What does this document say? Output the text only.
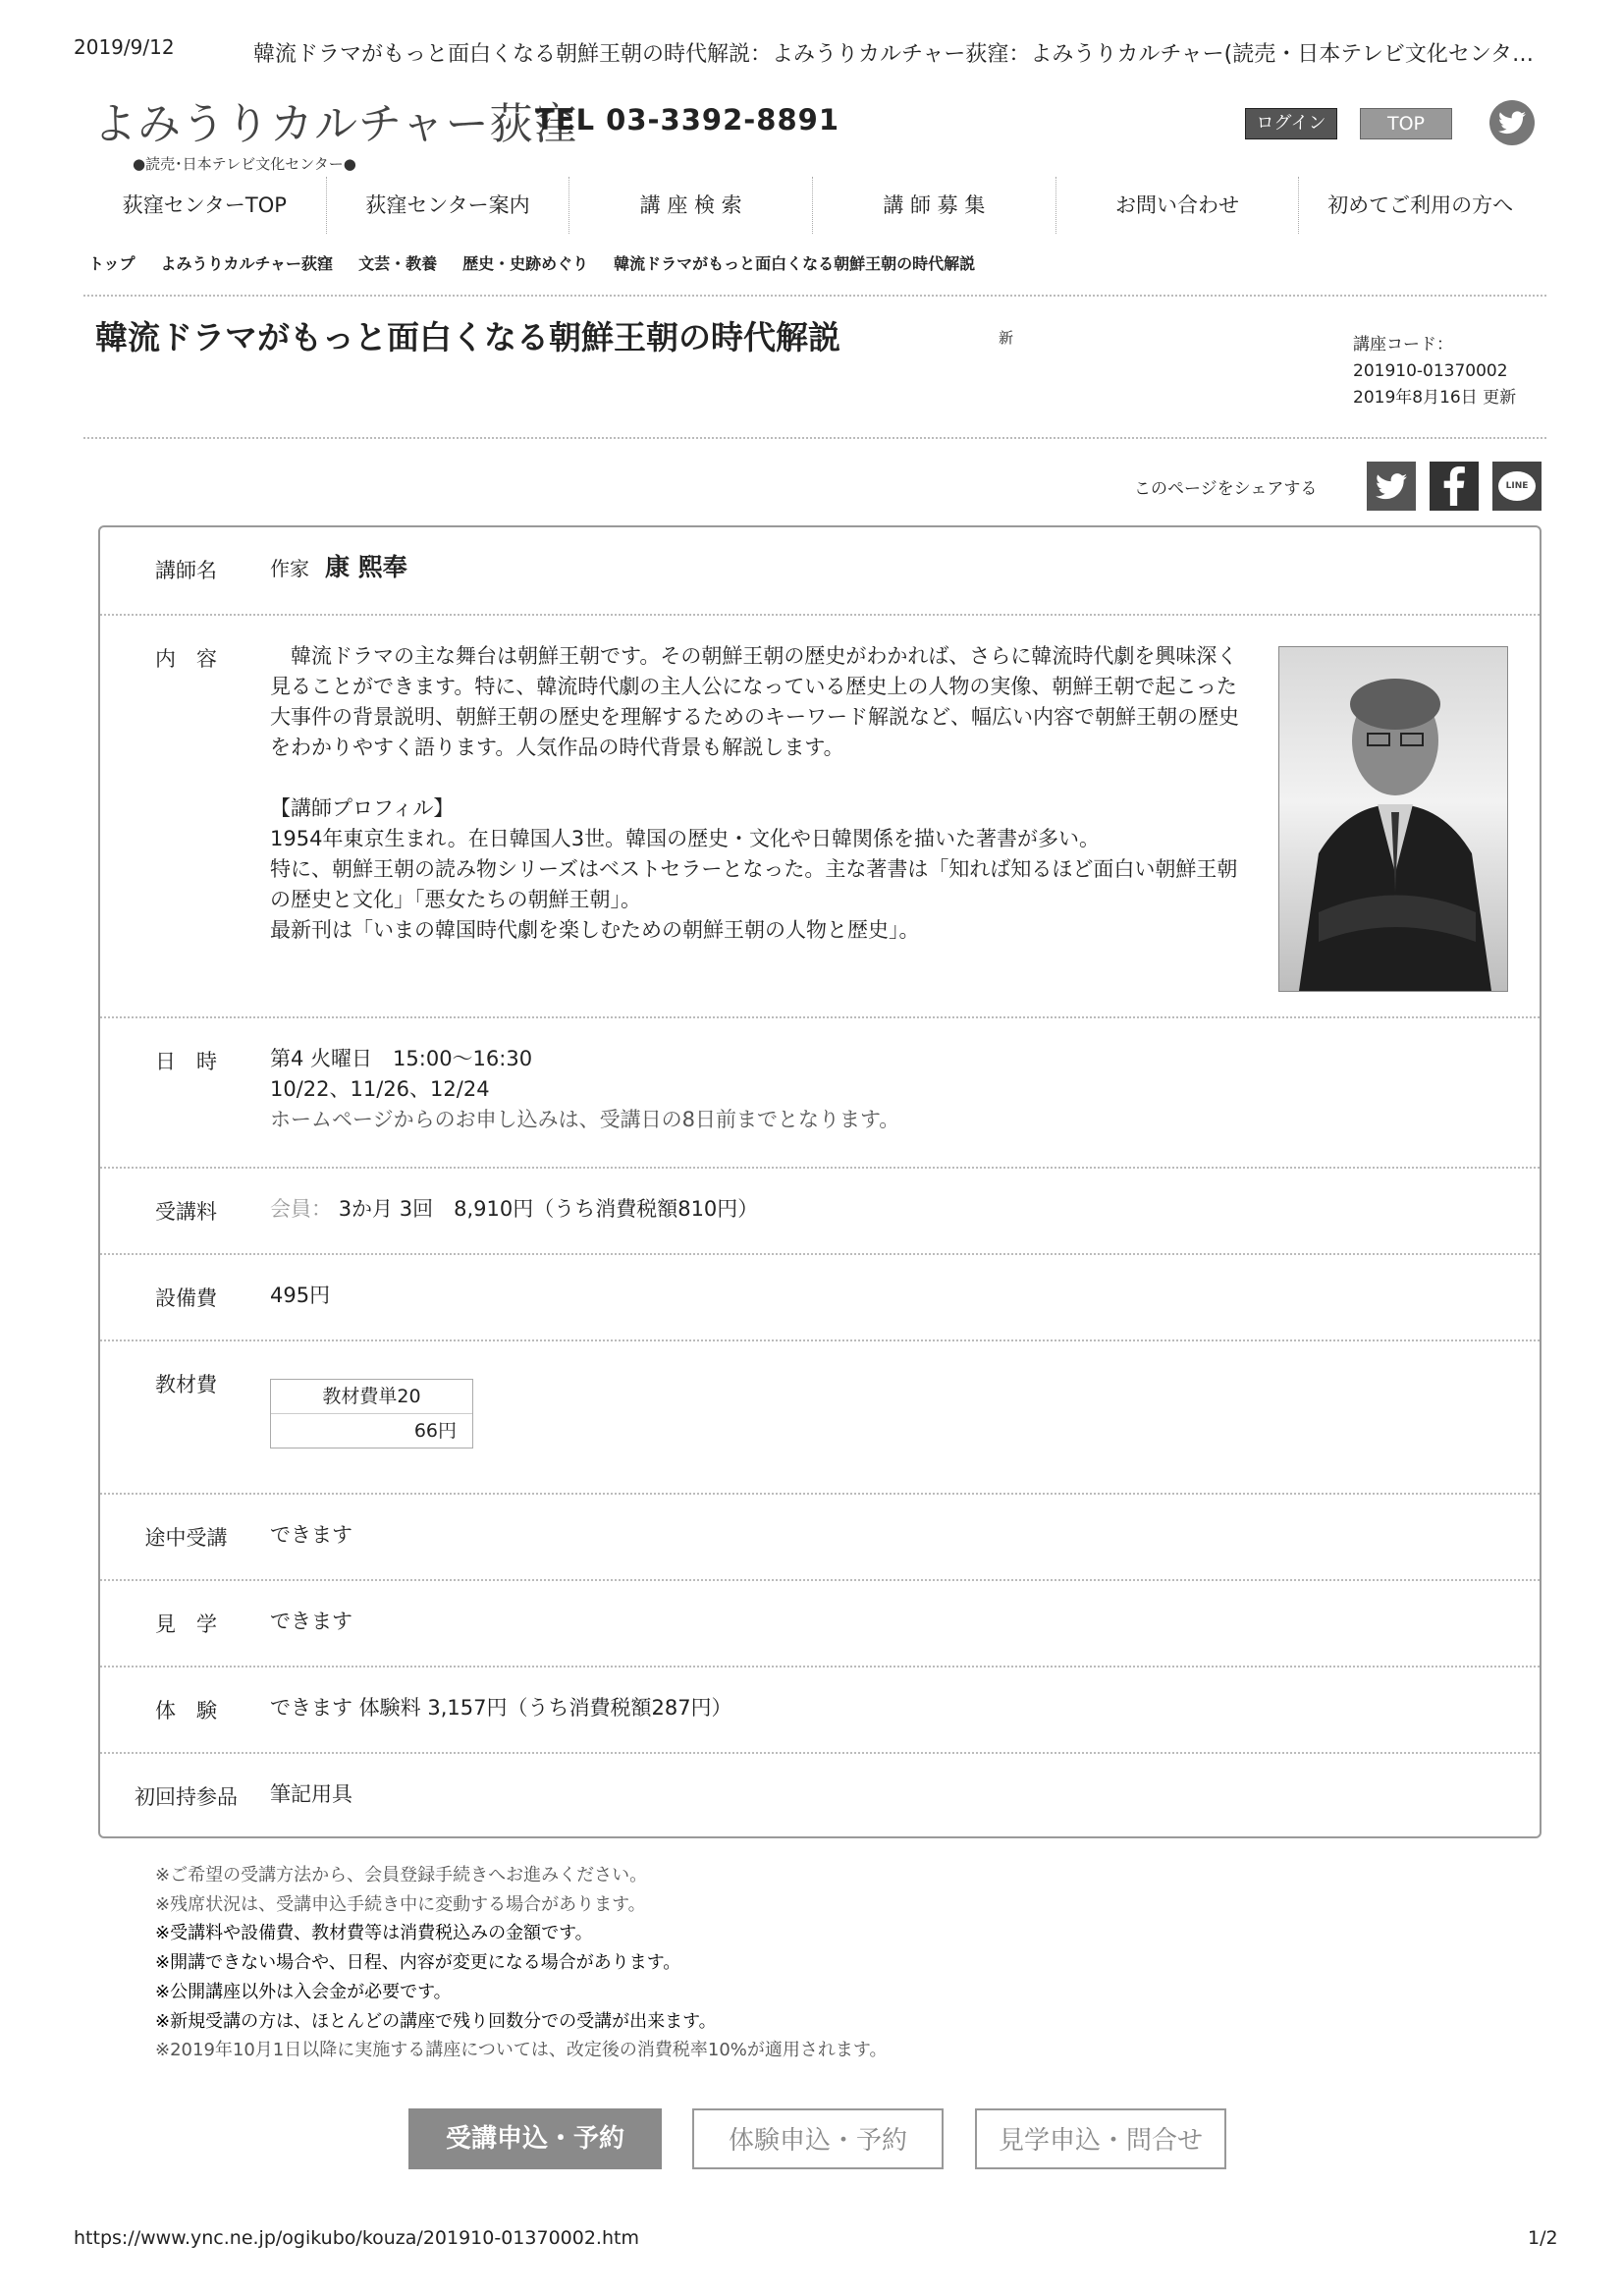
2019/9/12	韓流ドラマがもっと面白くなる朝鮮王朝の時代解説：よみうりカルチャー荻窪：よみうりカルチャー(読売・日本テレビ文化センタ…
よみうりカルチャー荻窪
●読売･日本テレビ文化センター●
TEL 03-3392-8891	ログイン	TOP
荻窪センターTOP	荻窪センター案内	講 座 検 索	講 師 募 集	お問い合わせ	初めてご利用の方へ
トップ よみうりカルチャー荻窪 文芸・教養 歴史・史跡めぐり 韓流ドラマがもっと面白くなる朝鮮王朝の時代解説
韓流ドラマがもっと面白くなる朝鮮王朝の時代解説	新	講座コード：
201910-01370002
2019年8月16日 更新
このページをシェアする	LINE
講師名	作家 康 熙奉
内　容	　韓流ドラマの主な舞台は朝鮮王朝です。その朝鮮王朝の歴史がわかれば、さらに韓流時代劇を興味深く見ることができます。特に、韓流時代劇の主人公になっている歴史上の人物の実像、朝鮮王朝で起こった大事件の背景説明、朝鮮王朝の歴史を理解するためのキーワード解説など、幅広い内容で朝鮮王朝の歴史をわかりやすく語ります。人気作品の時代背景も解説します。
【講師プロフィル】
1954年東京生まれ。在日韓国人3世。韓国の歴史・文化や日韓関係を描いた著書が多い。
特に、朝鮮王朝の読み物シリーズはベストセラーとなった。主な著書は「知れば知るほど面白い朝鮮王朝の歴史と文化」「悪女たちの朝鮮王朝」。
最新刊は「いまの韓国時代劇を楽しむための朝鮮王朝の人物と歴史」。
日　時	第4 火曜日　15:00〜16:30
10/22、11/26、12/24
ホームページからのお申し込みは、受講日の8日前までとなります。
受講料	会員： 3か月 3回　8,910円（うち消費税額810円）
設備費	495円
教材費	教材費単20
66円
途中受講	できます
見　学	できます
体　験	できます 体験料 3,157円（うち消費税額287円）
初回持参品	筆記用具
※ご希望の受講方法から、会員登録手続きへお進みください。
※残席状況は、受講申込手続き中に変動する場合があります。
※受講料や設備費、教材費等は消費税込みの金額です。
※開講できない場合や、日程、内容が変更になる場合があります。
※公開講座以外は入会金が必要です。
※新規受講の方は、ほとんどの講座で残り回数分での受講が出来ます。
※2019年10月1日以降に実施する講座については、改定後の消費税率10%が適用されます。
受講申込・予約	体験申込・予約	見学申込・問合せ
https://www.ync.ne.jp/ogikubo/kouza/201910-01370002.htm	1/2
